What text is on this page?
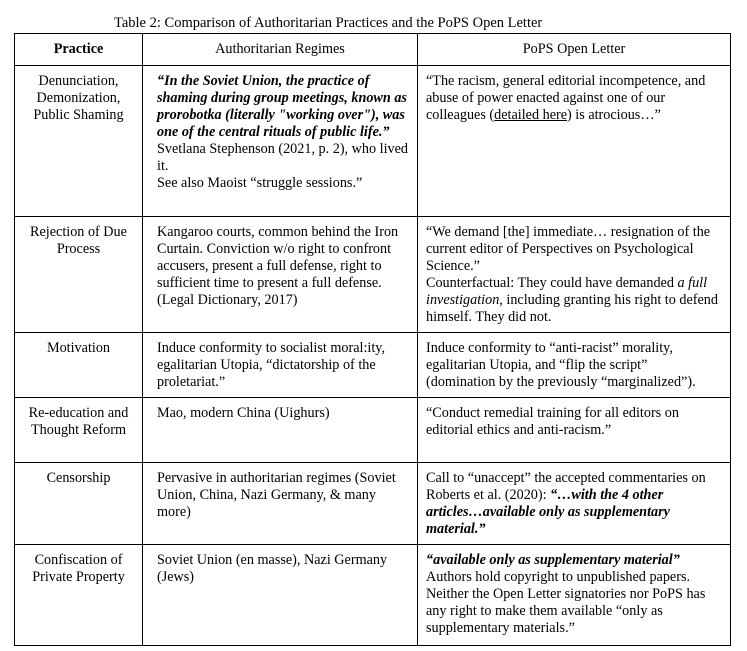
Table 2: Comparison of Authoritarian Practices and the PoPS Open Letter
Practice	Authoritarian Regimes	PoPS Open Letter
Denunciation, Demonization, Public Shaming	“In the Soviet Union, the practice of shaming during group meetings, known as prorobotka (literally "working over"), was one of the central rituals of public life.”
Svetlana Stephenson (2021, p. 2), who lived it.
See also Maoist “struggle sessions.”	“The racism, general editorial incompetence, and abuse of power enacted against one of our colleagues (detailed here) is atrocious…”
Rejection of Due Process	Kangaroo courts, common behind the Iron Curtain. Conviction w/o right to confront accusers, present a full defense, right to sufficient time to present a full defense. (Legal Dictionary, 2017)	“We demand [the] immediate… resignation of the current editor of Perspectives on Psychological Science.”
Counterfactual: They could have demanded a full investigation, including granting his right to defend himself. They did not.

Motivation	Induce conformity to socialist moral:ity, egalitarian Utopia, “dictatorship of the proletariat.”	Induce conformity to “anti-racist” morality, egalitarian Utopia, and “flip the script” (domination by the previously “marginalized”).
Re-education and Thought Reform	Mao, modern China (Uighurs)	“Conduct remedial training for all editors on editorial ethics and anti-racism.”
Censorship	Pervasive in authoritarian regimes (Soviet Union, China, Nazi Germany, & many more)	Call to “unaccept” the accepted commentaries on Roberts et al. (2020): “…with the 4 other articles…available only as supplementary material.”
Confiscation of Private Property	Soviet Union (en masse), Nazi Germany (Jews)	“available only as supplementary material”
Authors hold copyright to unpublished papers. Neither the Open Letter signatories nor PoPS has any right to make them available “only as supplementary materials.”
